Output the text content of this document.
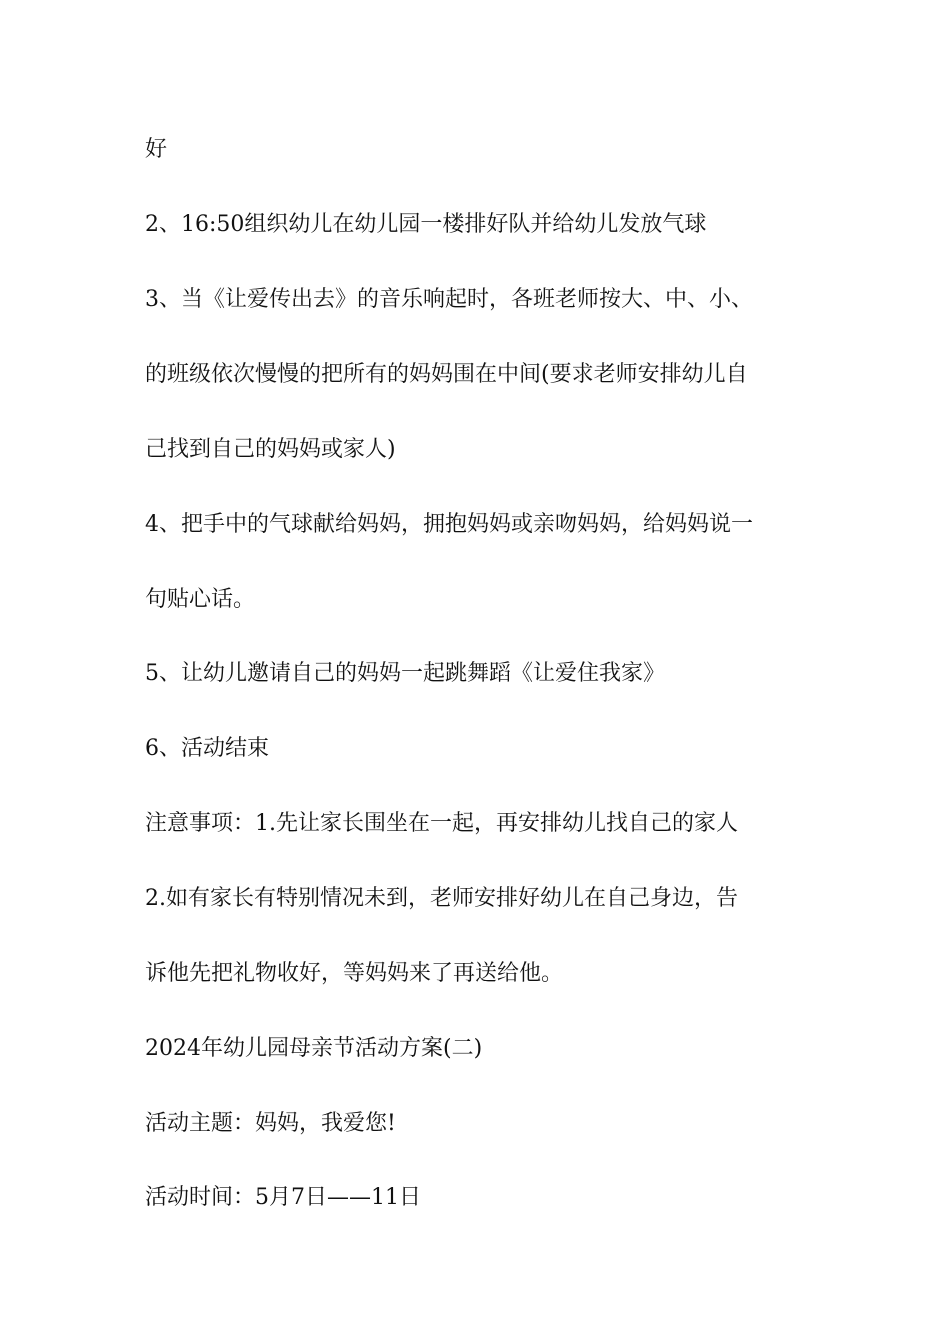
好
2、16:50组织幼儿在幼儿园一楼排好队并给幼儿发放气球
3、当《让爱传出去》的音乐响起时，各班老师按大、中、小、
的班级依次慢慢的把所有的妈妈围在中间(要求老师安排幼儿自
己找到自己的妈妈或家人)
4、把手中的气球献给妈妈，拥抱妈妈或亲吻妈妈，给妈妈说一
句贴心话。
5、让幼儿邀请自己的妈妈一起跳舞蹈《让爱住我家》
6、活动结束
注意事项：1.先让家长围坐在一起，再安排幼儿找自己的家人
2.如有家长有特别情况未到，老师安排好幼儿在自己身边，告
诉他先把礼物收好，等妈妈来了再送给他。
2024年幼儿园母亲节活动方案(二)
活动主题：妈妈，我爱您!
活动时间：5月7日——11日
